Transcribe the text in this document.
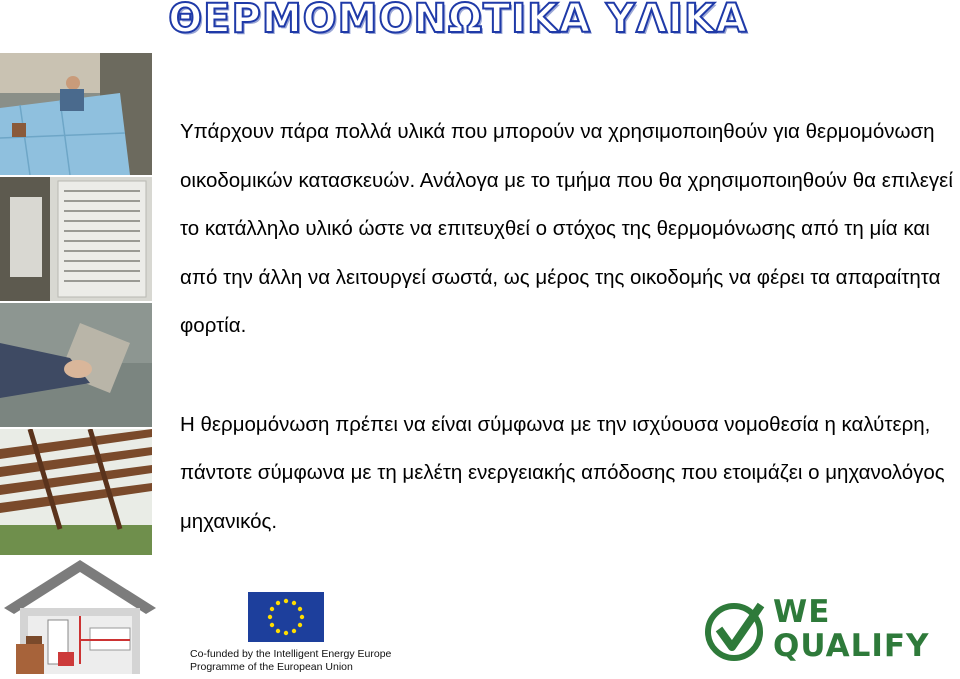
ΘΕΡΜΟΜΟΝΩΤΙΚΑ ΥΛΙΚΑ

Υπάρχουν πάρα πολλά υλικά που μπορούν να χρησιμοποιηθούν για θερμομόνωση οικοδομικών κατασκευών. Ανάλογα με το τμήμα που θα χρησιμοποιηθούν θα επιλεγεί το κατάλληλο υλικό ώστε να επιτευχθεί ο στόχος της θερμομόνωσης από τη μία και από την άλλη να λειτουργεί σωστά, ως μέρος της οικοδομής να φέρει τα απαραίτητα φορτία.

Η θερμομόνωση πρέπει να είναι σύμφωνα με την ισχύουσα νομοθεσία η καλύτερη, πάντοτε σύμφωνα με τη μελέτη ενεργειακής απόδοσης που ετοιμάζει ο μηχανολόγος μηχανικός.

Co-funded by the Intelligent Energy Europe
Programme of the European Union
WE
QUALIFY
